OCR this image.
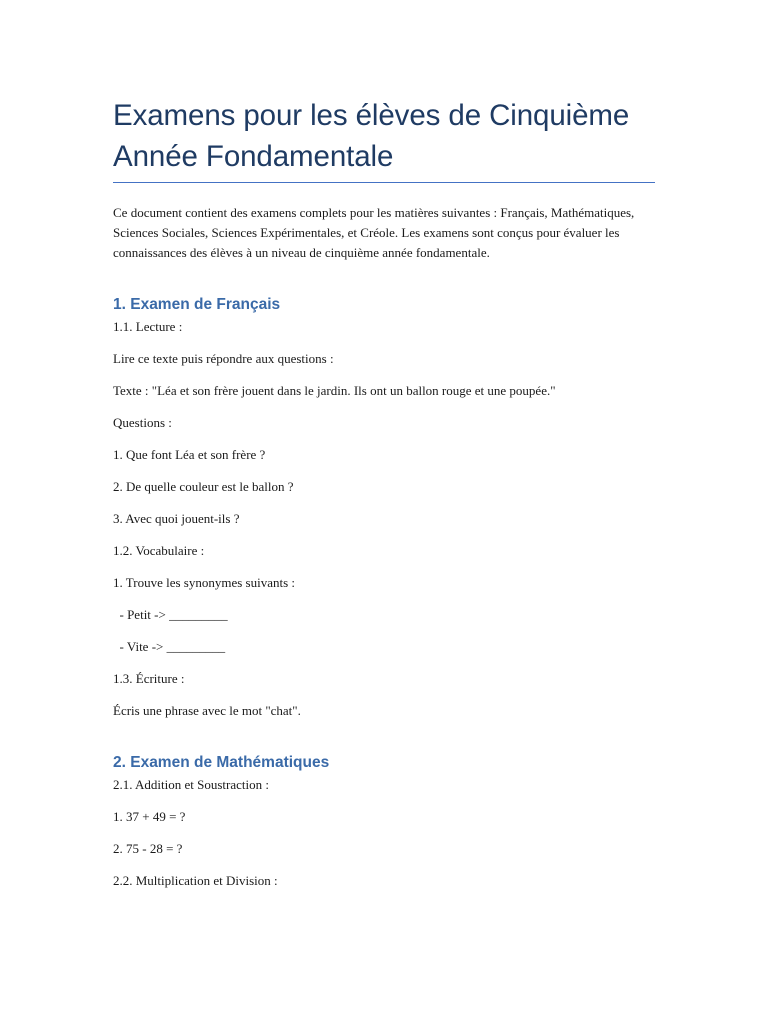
Examens pour les élèves de Cinquième Année Fondamentale

Ce document contient des examens complets pour les matières suivantes : Français, Mathématiques, Sciences Sociales, Sciences Expérimentales, et Créole. Les examens sont conçus pour évaluer les connaissances des élèves à un niveau de cinquième année fondamentale.

1. Examen de Français

1.1. Lecture :

Lire ce texte puis répondre aux questions :

Texte : "Léa et son frère jouent dans le jardin. Ils ont un ballon rouge et une poupée."

Questions :

1. Que font Léa et son frère ?

2. De quelle couleur est le ballon ?

3. Avec quoi jouent-ils ?

1.2. Vocabulaire :

1. Trouve les synonymes suivants :

- Petit -> _________

- Vite -> _________

1.3. Écriture :

Écris une phrase avec le mot "chat".

2. Examen de Mathématiques

2.1. Addition et Soustraction :

1. 37 + 49 = ?

2. 75 - 28 = ?

2.2. Multiplication et Division :
